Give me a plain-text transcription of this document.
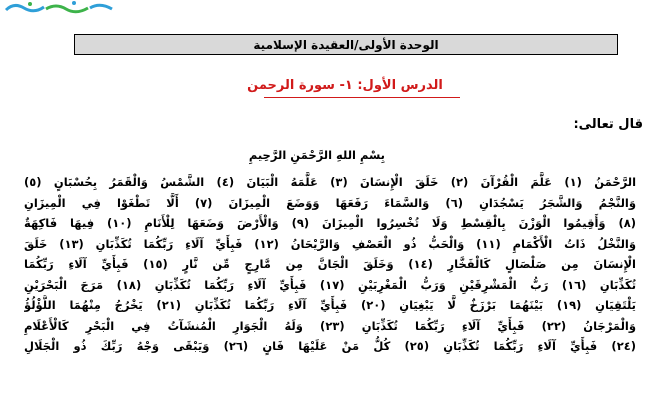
الوحدة الأولى/العقيدة الإسلامية
الدرس الأول: ١- سورة الرحمن
قال تعالى:
بِسْمِ اللهِ الرَّحْمَنِ الرَّحِيمِ
الرَّحْمَنُ (١) عَلَّمَ الْقُرْآنَ (٢) خَلَقَ الْإِنسَانَ (٣) عَلَّمَهُ الْبَيَانَ (٤) الشَّمْسُ وَالْقَمَرُ بِحُسْبَانٍ (٥)
وَالنَّجْمُ وَالشَّجَرُ يَسْجُدَانِ (٦) وَالسَّمَاءَ رَفَعَهَا وَوَضَعَ الْمِيزَانَ (٧) أَلَّا تَطْغَوْا فِي الْمِيزَانِ
(٨) وَأَقِيمُوا الْوَزْنَ بِالْقِسْطِ وَلَا تُخْسِرُوا الْمِيزَانَ (٩) وَالْأَرْضَ وَضَعَهَا لِلْأَنَامِ (١٠) فِيهَا فَاكِهَةٌ
وَالنَّخْلُ ذَاتُ الْأَكْمَامِ (١١) وَالْحَبُّ ذُو الْعَصْفِ وَالرَّيْحَانُ (١٢) فَبِأَيِّ آلَاءِ رَبِّكُمَا تُكَذِّبَانِ (١٣) خَلَقَ
الْإِنسَانَ مِن صَلْصَالٍ كَالْفَخَّارِ (١٤) وَخَلَقَ الْجَانَّ مِن مَّارِجٍ مِّن نَّارٍ (١٥) فَبِأَيِّ آلَاءِ رَبِّكُمَا
تُكَذِّبَانِ (١٦) رَبُّ الْمَشْرِقَيْنِ وَرَبُّ الْمَغْرِبَيْنِ (١٧) فَبِأَيِّ آلَاءِ رَبِّكُمَا تُكَذِّبَانِ (١٨) مَرَجَ الْبَحْرَيْنِ
يَلْتَقِيَانِ (١٩) بَيْنَهُمَا بَرْزَخٌ لَّا يَبْغِيَانِ (٢٠) فَبِأَيِّ آلَاءِ رَبِّكُمَا تُكَذِّبَانِ (٢١) يَخْرُجُ مِنْهُمَا اللُّؤْلُؤُ
وَالْمَرْجَانُ (٢٢) فَبِأَيِّ آلَاءِ رَبِّكُمَا تُكَذِّبَانِ (٢٣) وَلَهُ الْجَوَارِ الْمُنشَآتُ فِي الْبَحْرِ كَالْأَعْلَامِ
(٢٤) فَبِأَيِّ آلَاءِ رَبِّكُمَا تُكَذِّبَانِ (٢٥) كُلُّ مَنْ عَلَيْهَا فَانٍ (٢٦) وَيَبْقَى وَجْهُ رَبِّكَ ذُو الْجَلَالِ
